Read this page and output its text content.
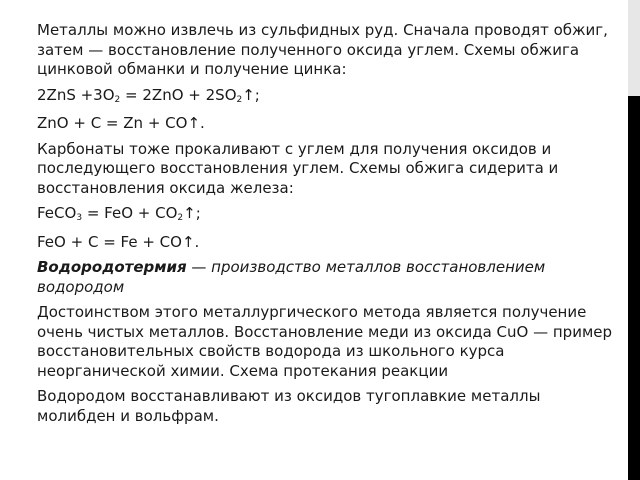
Металлы можно извлечь из сульфидных руд. Сначала проводят обжиг, затем — восстановление полученного оксида углем. Схемы обжига цинковой обманки и получение цинка:

2ZnS +3O2 = 2ZnO + 2SO2↑;

ZnO + C = Zn + CO↑.

Карбонаты тоже прокаливают с углем для получения оксидов и последующего восстановления углем. Схемы обжига сидерита и восстановления оксида железа:

FeCO3 = FeO + CO2↑;

FeO + C = Fe + CO↑.

Водородотермия — производство металлов восстановлением водородом

Достоинством этого металлургического метода является получение очень чистых металлов. Восстановление меди из оксида CuO — пример восстановительных свойств водорода из школьного курса неорганической химии. Схема протекания реакции

Водородом восстанавливают из оксидов тугоплавкие металлы молибден и вольфрам.
